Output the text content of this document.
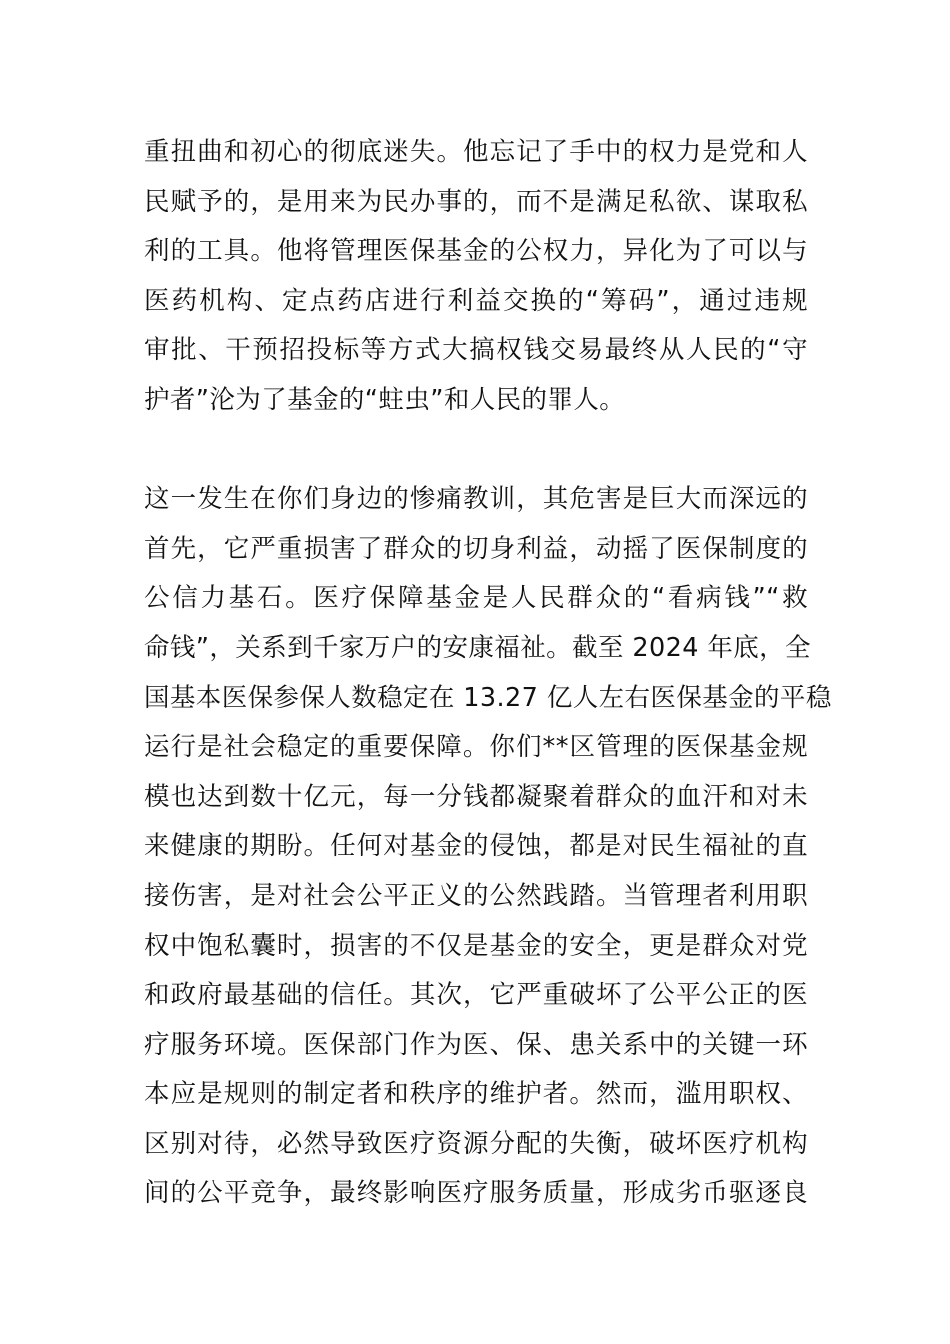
重扭曲和初心的彻底迷失。他忘记了手中的权力是党和人
民赋予的，是用来为民办事的，而不是满足私欲、谋取私
利的工具。他将管理医保基金的公权力，异化为了可以与
医药机构、定点药店进行利益交换的“筹码”，通过违规
审批、干预招投标等方式大搞权钱交易最终从人民的“守
护者”沦为了基金的“蛀虫”和人民的罪人。
这一发生在你们身边的惨痛教训，其危害是巨大而深远的
首先，它严重损害了群众的切身利益，动摇了医保制度的
公信力基石。医疗保障基金是人民群众的“看病钱”“救
命钱”，关系到千家万户的安康福祉。截至 2024 年底，全
国基本医保参保人数稳定在 13.27 亿人左右医保基金的平稳
运行是社会稳定的重要保障。你们**区管理的医保基金规
模也达到数十亿元，每一分钱都凝聚着群众的血汗和对未
来健康的期盼。任何对基金的侵蚀，都是对民生福祉的直
接伤害，是对社会公平正义的公然践踏。当管理者利用职
权中饱私囊时，损害的不仅是基金的安全，更是群众对党
和政府最基础的信任。其次，它严重破坏了公平公正的医
疗服务环境。医保部门作为医、保、患关系中的关键一环
本应是规则的制定者和秩序的维护者。然而，滥用职权、
区别对待，必然导致医疗资源分配的失衡，破坏医疗机构
间的公平竞争，最终影响医疗服务质量，形成劣币驱逐良
